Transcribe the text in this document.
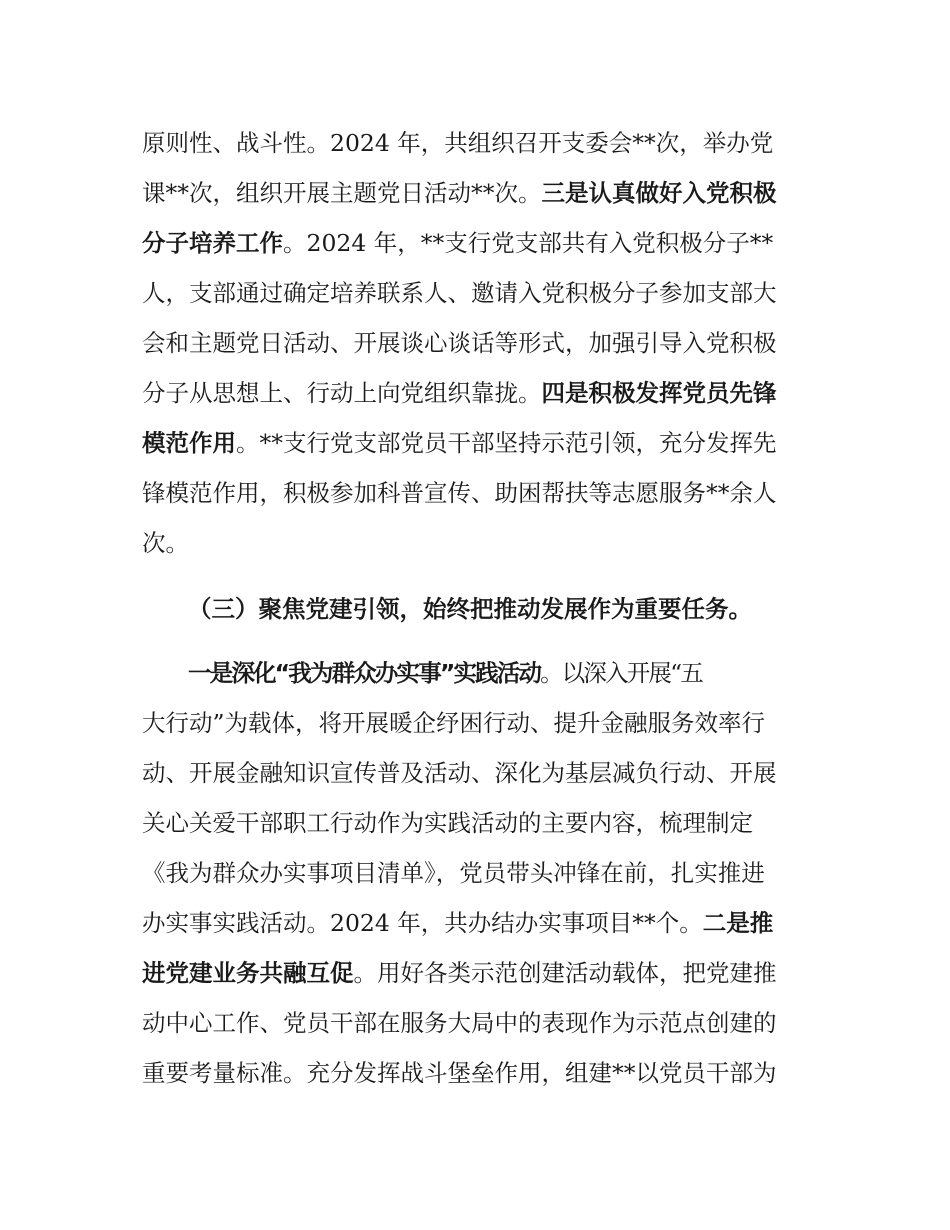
原则性、战斗性。2024 年，共组织召开支委会**次，举办党
课**次，组织开展主题党日活动**次。三是认真做好入党积极
分子培养工作。2024 年，**支行党支部共有入党积极分子**
人，支部通过确定培养联系人、邀请入党积极分子参加支部大
会和主题党日活动、开展谈心谈话等形式，加强引导入党积极
分子从思想上、行动上向党组织靠拢。四是积极发挥党员先锋
模范作用。**支行党支部党员干部坚持示范引领，充分发挥先
锋模范作用，积极参加科普宣传、助困帮扶等志愿服务**余人
次。
（三）聚焦党建引领，始终把推动发展作为重要任务。
一是深化“我为群众办实事”实践活动。以深入开展“五
大行动”为载体，将开展暖企纾困行动、提升金融服务效率行
动、开展金融知识宣传普及活动、深化为基层减负行动、开展
关心关爱干部职工行动作为实践活动的主要内容，梳理制定
《我为群众办实事项目清单》，党员带头冲锋在前，扎实推进
办实事实践活动。2024 年，共办结办实事项目**个。二是推
进党建业务共融互促。用好各类示范创建活动载体，把党建推
动中心工作、党员干部在服务大局中的表现作为示范点创建的
重要考量标准。充分发挥战斗堡垒作用，组建**以党员干部为
